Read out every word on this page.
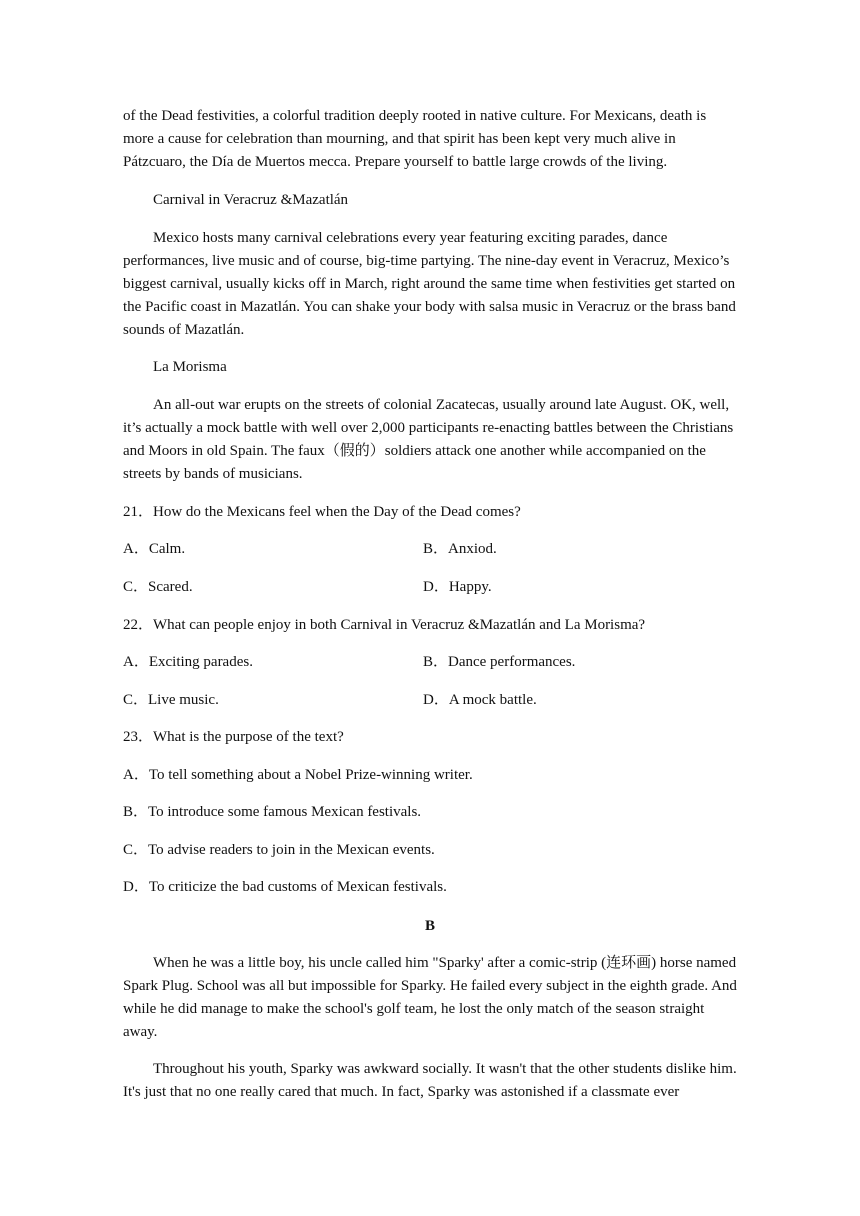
of the Dead festivities, a colorful tradition deeply rooted in native culture. For Mexicans, death is more a cause for celebration than mourning, and that spirit has been kept very much alive in Pátzcuaro, the Día de Muertos mecca. Prepare yourself to battle large crowds of the living.

Carnival in Veracruz &Mazatlán

Mexico hosts many carnival celebrations every year featuring exciting parades, dance performances, live music and of course, big-time partying. The nine-day event in Veracruz, Mexico’s biggest carnival, usually kicks off in March, right around the same time when festivities get started on the Pacific coast in Mazatlán. You can shake your body with salsa music in Veracruz or the brass band sounds of Mazatlán.

La Morisma

An all-out war erupts on the streets of colonial Zacatecas, usually around late August. OK, well, it’s actually a mock battle with well over 2,000 participants re-enacting battles between the Christians and Moors in old Spain. The faux（假的）soldiers attack one another while accompanied on the streets by bands of musicians.

21．How do the Mexicans feel when the Day of the Dead comes?

A．Calm.	B．Anxiod.

C．Scared.	D．Happy.

22．What can people enjoy in both Carnival in Veracruz &Mazatlán and La Morisma?

A．Exciting parades.	B．Dance performances.

C．Live music.	D．A mock battle.

23．What is the purpose of the text?

A．To tell something about a Nobel Prize-winning writer.

B．To introduce some famous Mexican festivals.

C．To advise readers to join in the Mexican events.

D．To criticize the bad customs of Mexican festivals.

B

When he was a little boy, his uncle called him "Sparky' after a comic-strip (连环画) horse named Spark Plug. School was all but impossible for Sparky. He failed every subject in the eighth grade. And while he did manage to make the school's golf team, he lost the only match of the season straight away.

Throughout his youth, Sparky was awkward socially. It wasn't that the other students dislike him. It's just that no one really cared that much. In fact, Sparky was astonished if a classmate ever
